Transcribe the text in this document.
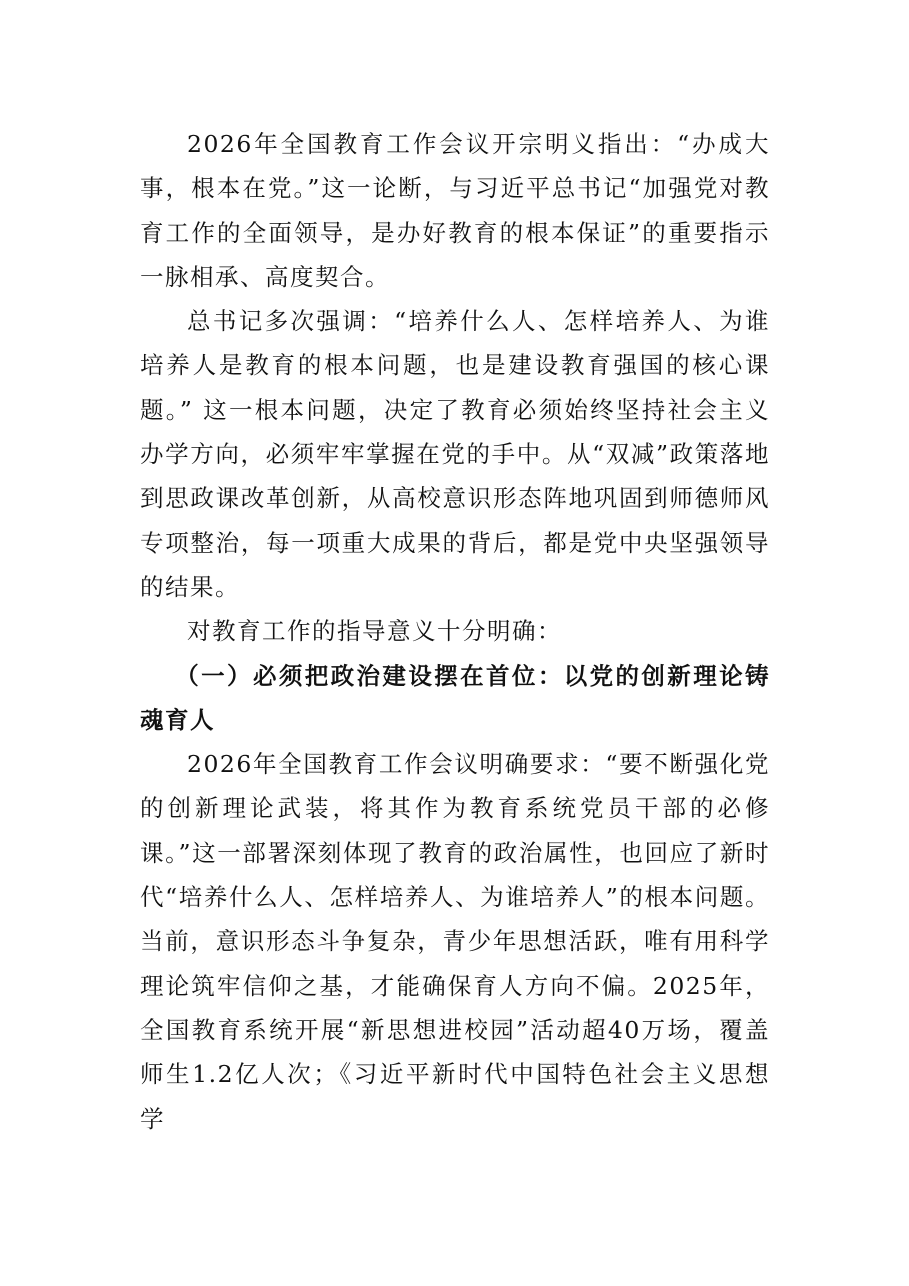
2026年全国教育工作会议开宗明义指出：“办成大事，根本在党。”这一论断，与习近平总书记“加强党对教育工作的全面领导，是办好教育的根本保证”的重要指示一脉相承、高度契合。

总书记多次强调：“培养什么人、怎样培养人、为谁培养人是教育的根本问题，也是建设教育强国的核心课题。” 这一根本问题，决定了教育必须始终坚持社会主义办学方向，必须牢牢掌握在党的手中。从“双减”政策落地到思政课改革创新，从高校意识形态阵地巩固到师德师风专项整治，每一项重大成果的背后，都是党中央坚强领导的结果。

对教育工作的指导意义十分明确：

（一）必须把政治建设摆在首位：以党的创新理论铸魂育人

2026年全国教育工作会议明确要求：“要不断强化党的创新理论武装，将其作为教育系统党员干部的必修课。”这一部署深刻体现了教育的政治属性，也回应了新时代“培养什么人、怎样培养人、为谁培养人”的根本问题。当前，意识形态斗争复杂，青少年思想活跃，唯有用科学理论筑牢信仰之基，才能确保育人方向不偏。2025年，全国教育系统开展“新思想进校园”活动超40万场，覆盖师生1.2亿人次；《习近平新时代中国特色社会主义思想学
